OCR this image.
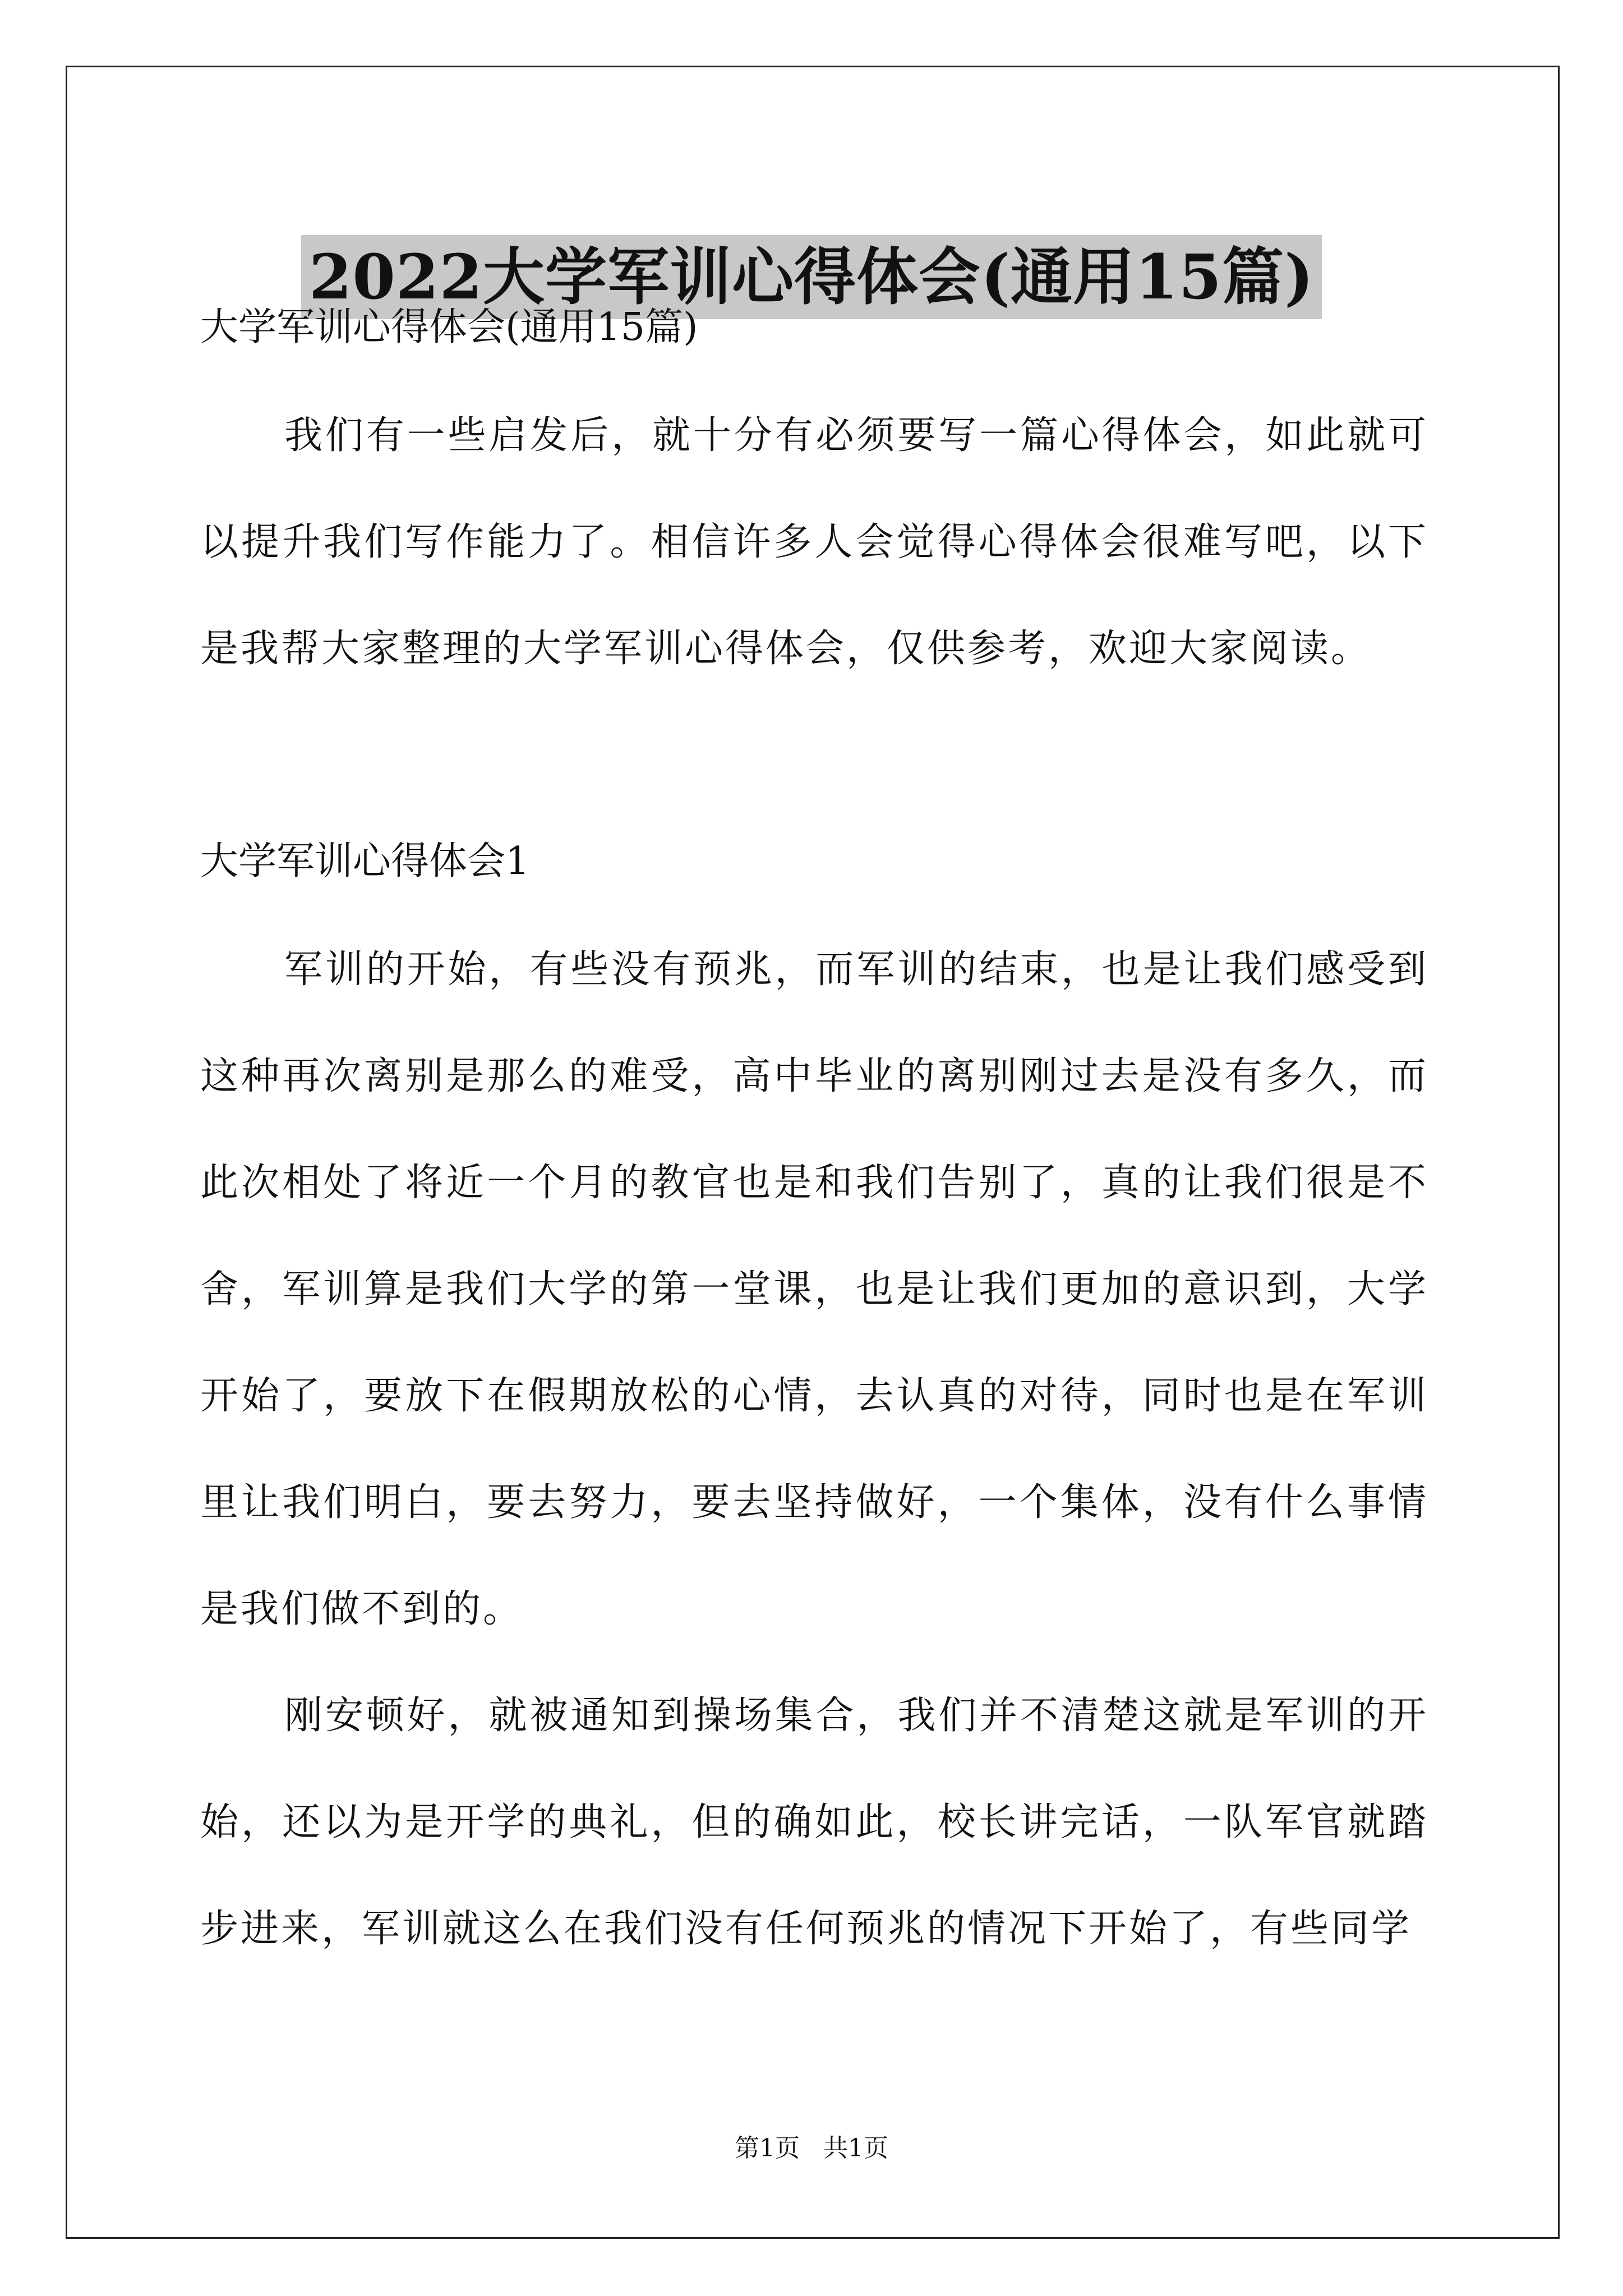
2022大学军训心得体会(通用15篇)

大学军训心得体会(通用15篇)

我们有一些启发后，就十分有必须要写一篇心得体会，如此就可以提升我们写作能力了。相信许多人会觉得心得体会很难写吧，以下是我帮大家整理的大学军训心得体会，仅供参考，欢迎大家阅读。

大学军训心得体会1

军训的开始，有些没有预兆，而军训的结束，也是让我们感受到这种再次离别是那么的难受，高中毕业的离别刚过去是没有多久，而此次相处了将近一个月的教官也是和我们告别了，真的让我们很是不舍，军训算是我们大学的第一堂课，也是让我们更加的意识到，大学开始了，要放下在假期放松的心情，去认真的对待，同时也是在军训里让我们明白，要去努力，要去坚持做好，一个集体，没有什么事情是我们做不到的。

刚安顿好，就被通知到操场集合，我们并不清楚这就是军训的开始，还以为是开学的典礼，但的确如此，校长讲完话，一队军官就踏步进来，军训就这么在我们没有任何预兆的情况下开始了，有些同学

第1页 共1页
